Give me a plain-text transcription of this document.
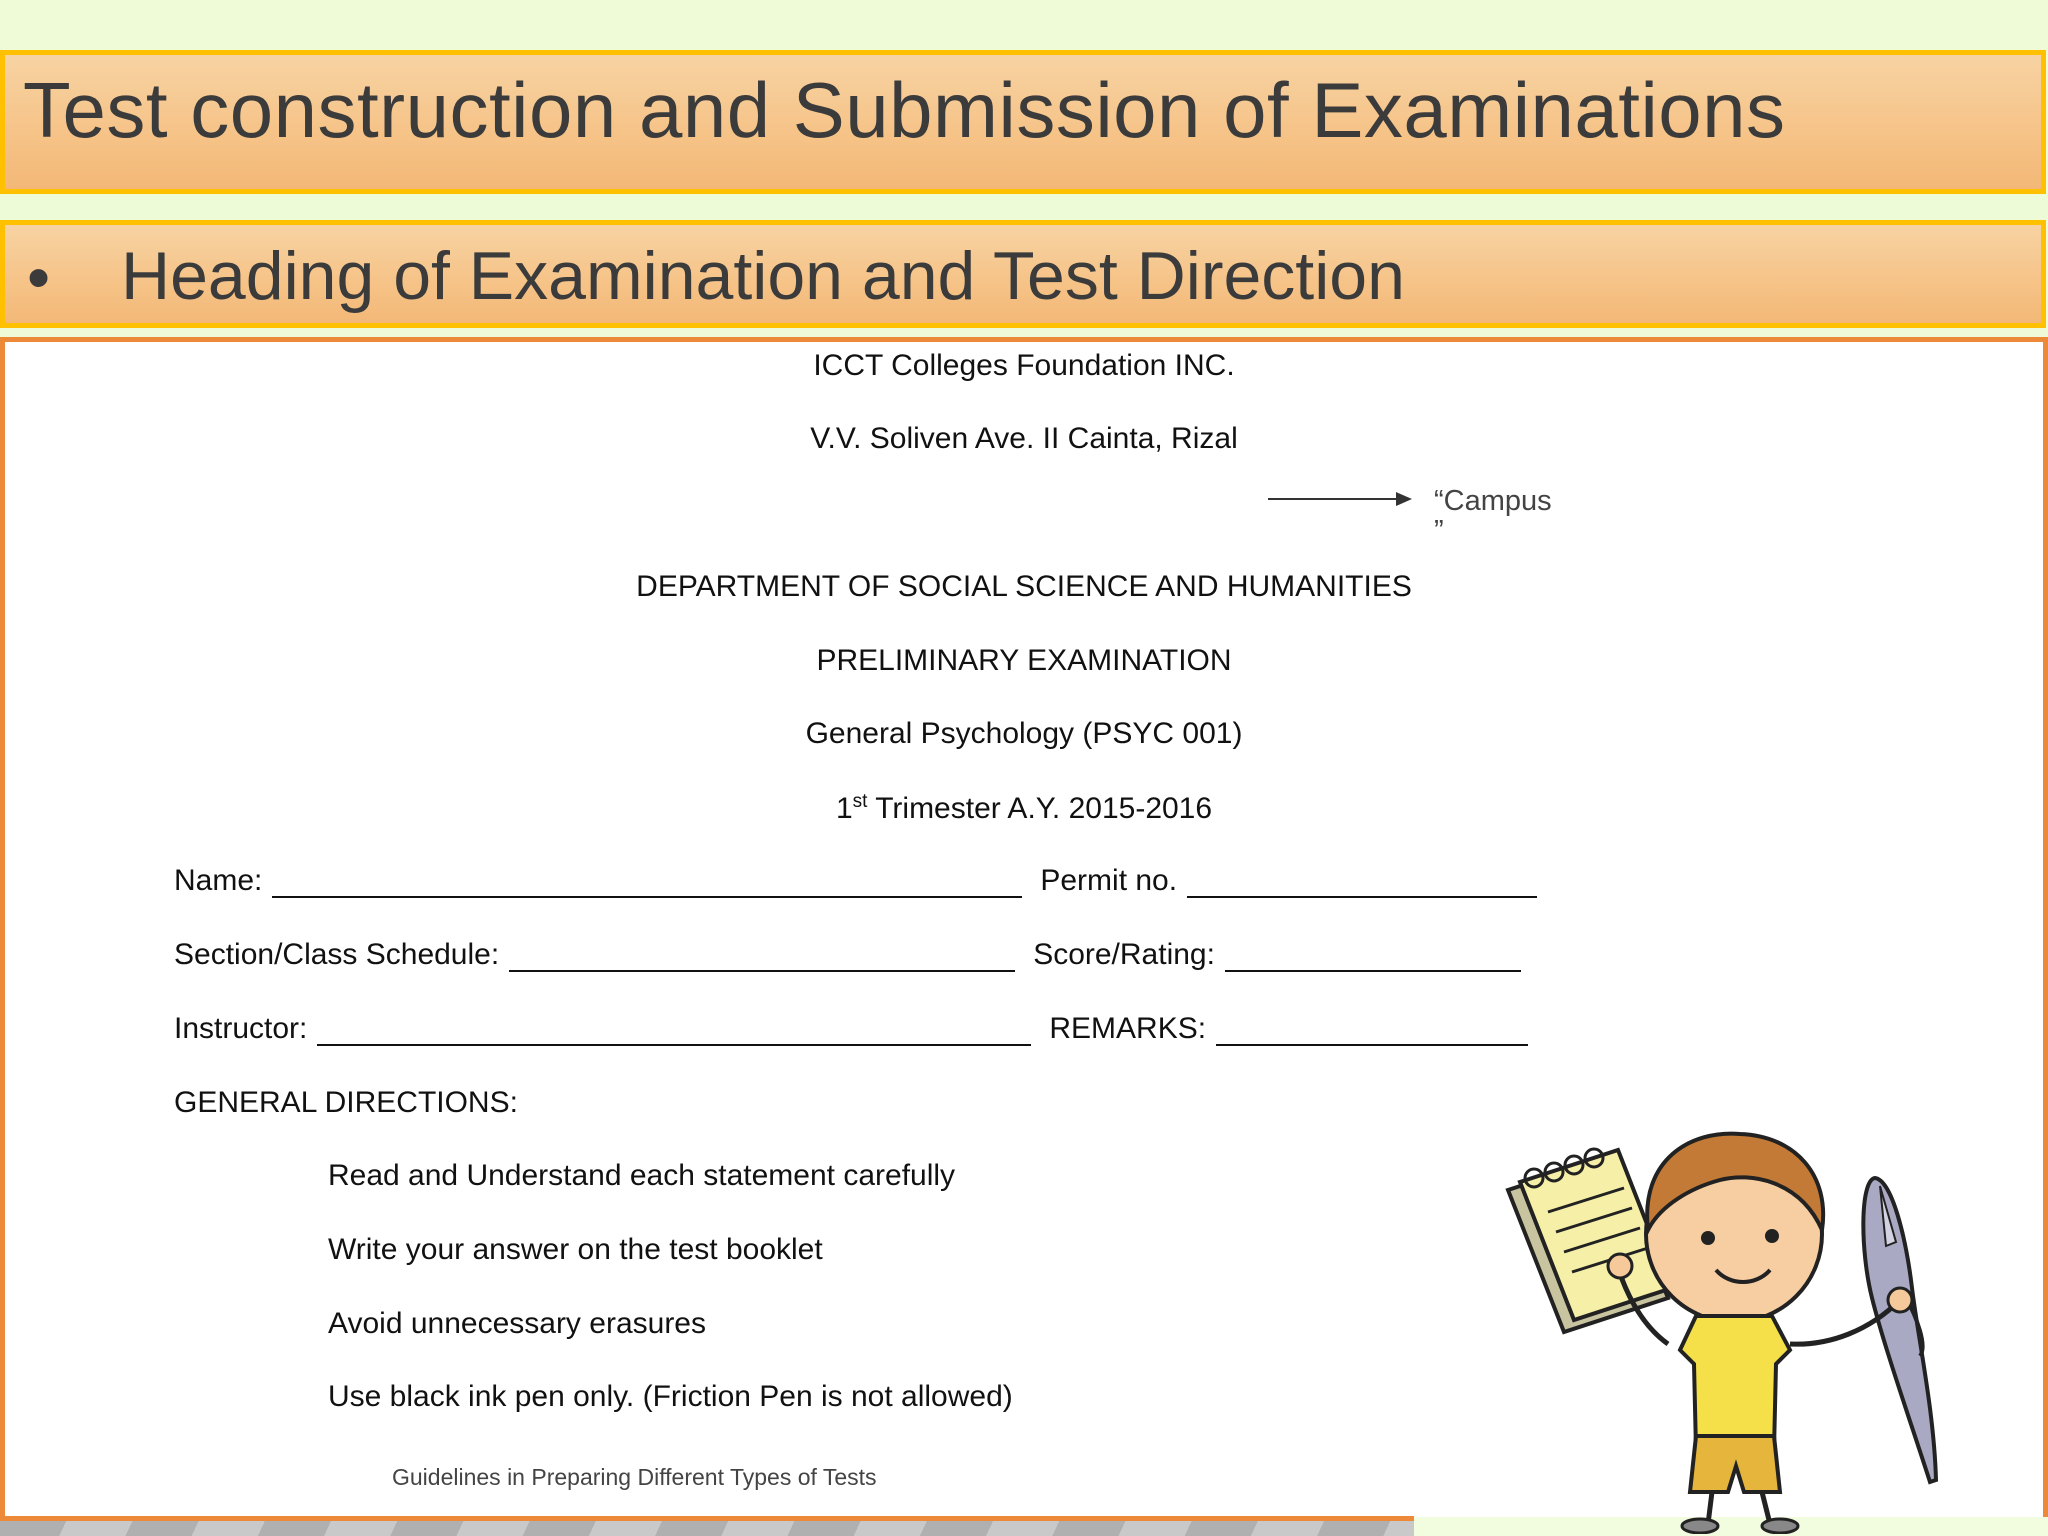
Test construction and Submission of Examinations
• Heading of Examination and Test Direction
ICCT Colleges Foundation INC.
V.V. Soliven Ave. II Cainta, Rizal
“Campus
”
DEPARTMENT OF SOCIAL SCIENCE AND HUMANITIES
PRELIMINARY EXAMINATION
General Psychology (PSYC 001)
1st Trimester A.Y. 2015-2016
Name:	Permit no.
Section/Class Schedule:	Score/Rating:
Instructor:	REMARKS:
GENERAL DIRECTIONS:
Read and Understand each statement carefully
Write your answer on the test booklet
Avoid unnecessary erasures
Use black ink pen only. (Friction Pen is not allowed)
Guidelines in Preparing Different Types of Tests
